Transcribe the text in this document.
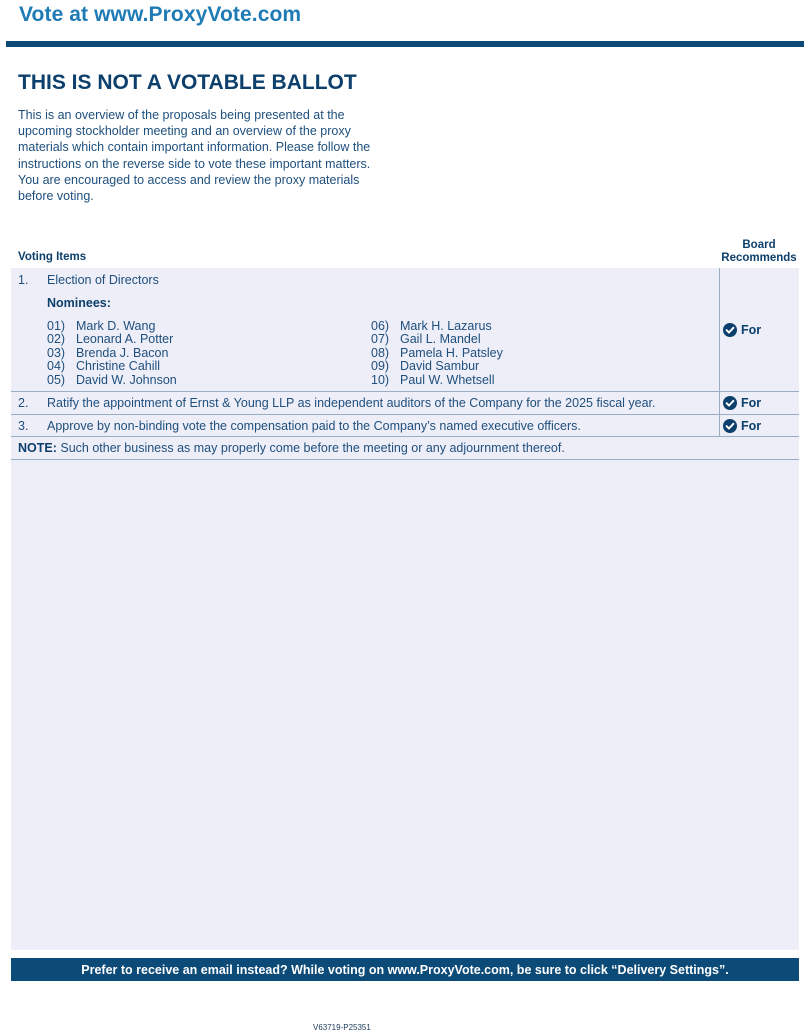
Vote at www.ProxyVote.com
THIS IS NOT A VOTABLE BALLOT
This is an overview of the proposals being presented at the
upcoming stockholder meeting and an overview of the proxy
materials which contain important information. Please follow the
instructions on the reverse side to vote these important matters.
You are encouraged to access and review the proxy materials
before voting.
Voting Items
Board
Recommends
1. Election of Directors
Nominees:
01) Mark D. Wang
02) Leonard A. Potter
03) Brenda J. Bacon
04) Christine Cahill
05) David W. Johnson
06) Mark H. Lazarus
07) Gail L. Mandel
08) Pamela H. Patsley
09) David Sambur
10) Paul W. Whetsell
For
2. Ratify the appointment of Ernst & Young LLP as independent auditors of the Company for the 2025 fiscal year.	For
3. Approve by non-binding vote the compensation paid to the Company’s named executive officers.	For
NOTE: Such other business as may properly come before the meeting or any adjournment thereof.
Prefer to receive an email instead? While voting on www.ProxyVote.com, be sure to click “Delivery Settings”.
V63719-P25351
